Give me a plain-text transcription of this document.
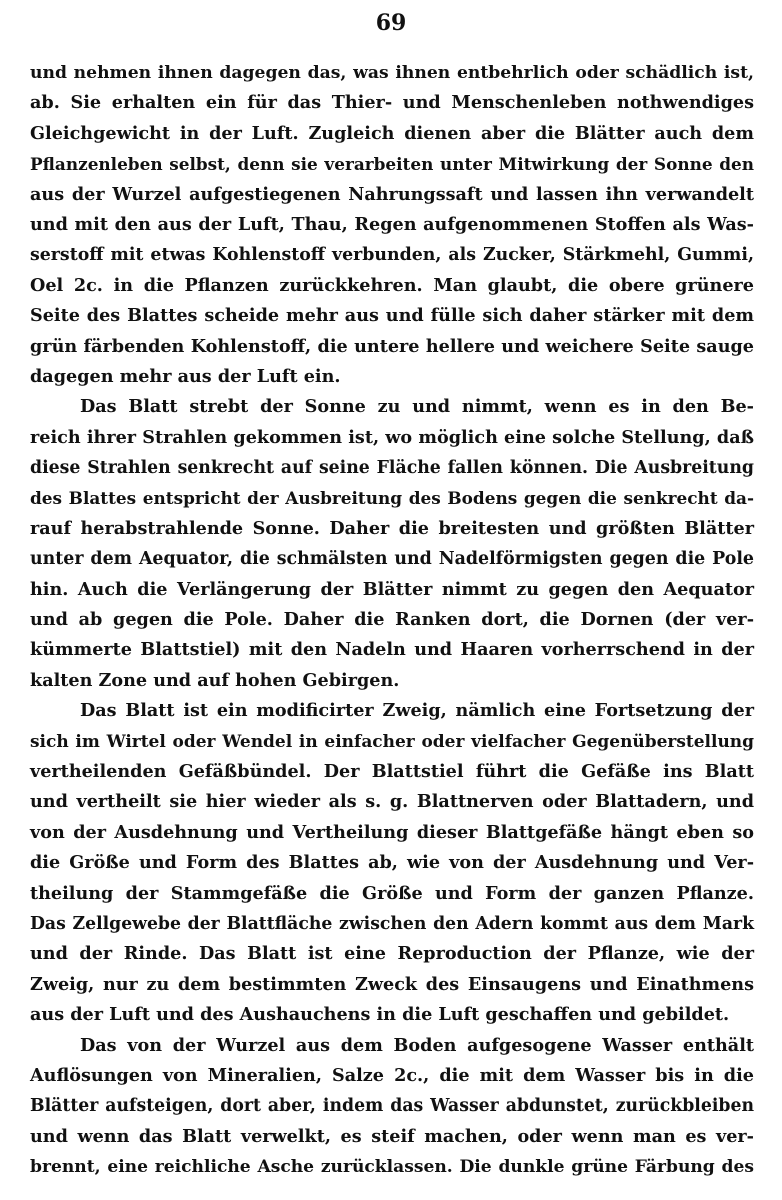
69
und nehmen ihnen dagegen das, was ihnen entbehrlich oder schädlich ist,
ab. Sie erhalten ein für das Thier- und Menschenleben nothwendiges
Gleichgewicht in der Luft. Zugleich dienen aber die Blätter auch dem
Pflanzenleben selbst, denn sie verarbeiten unter Mitwirkung der Sonne den
aus der Wurzel aufgestiegenen Nahrungssaft und lassen ihn verwandelt
und mit den aus der Luft, Thau, Regen aufgenommenen Stoffen als Was-
serstoff mit etwas Kohlenstoff verbunden, als Zucker, Stärkmehl, Gummi,
Oel 2c. in die Pflanzen zurückkehren. Man glaubt, die obere grünere
Seite des Blattes scheide mehr aus und fülle sich daher stärker mit dem
grün färbenden Kohlenstoff, die untere hellere und weichere Seite sauge
dagegen mehr aus der Luft ein.
Das Blatt strebt der Sonne zu und nimmt, wenn es in den Be-
reich ihrer Strahlen gekommen ist, wo möglich eine solche Stellung, daß
diese Strahlen senkrecht auf seine Fläche fallen können. Die Ausbreitung
des Blattes entspricht der Ausbreitung des Bodens gegen die senkrecht da-
rauf herabstrahlende Sonne. Daher die breitesten und größten Blätter
unter dem Aequator, die schmälsten und Nadelförmigsten gegen die Pole
hin. Auch die Verlängerung der Blätter nimmt zu gegen den Aequator
und ab gegen die Pole. Daher die Ranken dort, die Dornen (der ver-
kümmerte Blattstiel) mit den Nadeln und Haaren vorherrschend in der
kalten Zone und auf hohen Gebirgen.
Das Blatt ist ein modificirter Zweig, nämlich eine Fortsetzung der
sich im Wirtel oder Wendel in einfacher oder vielfacher Gegenüberstellung
vertheilenden Gefäßbündel. Der Blattstiel führt die Gefäße ins Blatt
und vertheilt sie hier wieder als s. g. Blattnerven oder Blattadern, und
von der Ausdehnung und Vertheilung dieser Blattgefäße hängt eben so
die Größe und Form des Blattes ab, wie von der Ausdehnung und Ver-
theilung der Stammgefäße die Größe und Form der ganzen Pflanze.
Das Zellgewebe der Blattfläche zwischen den Adern kommt aus dem Mark
und der Rinde. Das Blatt ist eine Reproduction der Pflanze, wie der
Zweig, nur zu dem bestimmten Zweck des Einsaugens und Einathmens
aus der Luft und des Aushauchens in die Luft geschaffen und gebildet.
Das von der Wurzel aus dem Boden aufgesogene Wasser enthält
Auflösungen von Mineralien, Salze 2c., die mit dem Wasser bis in die
Blätter aufsteigen, dort aber, indem das Wasser abdunstet, zurückbleiben
und wenn das Blatt verwelkt, es steif machen, oder wenn man es ver-
brennt, eine reichliche Asche zurücklassen. Die dunkle grüne Färbung des
